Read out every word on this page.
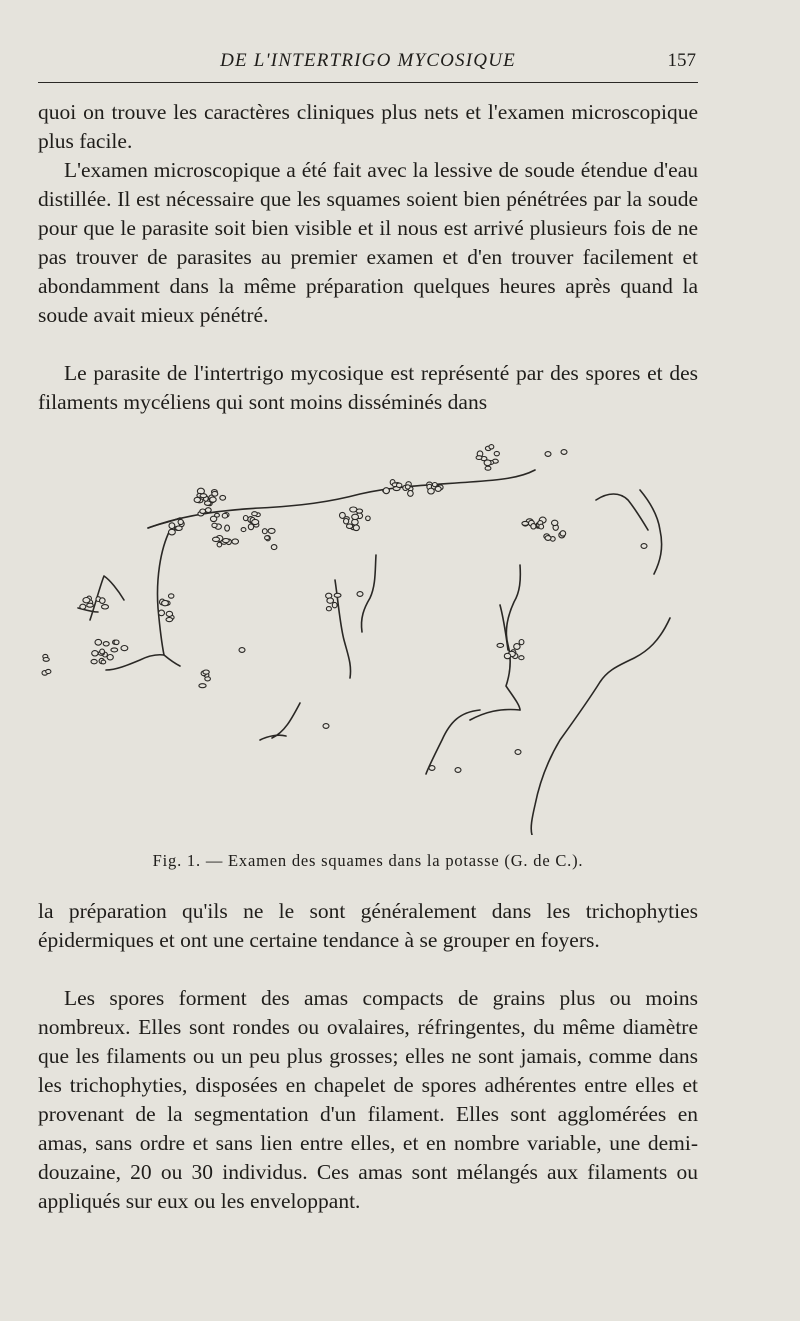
DE L'INTERTRIGO MYCOSIQUE	157

quoi on trouve les caractères cliniques plus nets et l'examen microscopique plus facile.

L'examen microscopique a été fait avec la lessive de soude étendue d'eau distillée. Il est nécessaire que les squames soient bien pénétrées par la soude pour que le parasite soit bien visible et il nous est arrivé plusieurs fois de ne pas trouver de parasites au premier examen et d'en trouver facilement et abondamment dans la même préparation quelques heures après quand la soude avait mieux pénétré.

Le parasite de l'intertrigo mycosique est représenté par des spores et des filaments mycéliens qui sont moins disséminés dans

Fig. 1. — Examen des squames dans la potasse (G. de C.).

la préparation qu'ils ne le sont généralement dans les trichophyties épidermiques et ont une certaine tendance à se grouper en foyers.

Les spores forment des amas compacts de grains plus ou moins nombreux. Elles sont rondes ou ovalaires, réfringentes, du même diamètre que les filaments ou un peu plus grosses; elles ne sont jamais, comme dans les trichophyties, disposées en chapelet de spores adhérentes entre elles et provenant de la segmentation d'un filament. Elles sont agglomérées en amas, sans ordre et sans lien entre elles, et en nombre variable, une demi-douzaine, 20 ou 30 individus. Ces amas sont mélangés aux filaments ou appliqués sur eux ou les enveloppant.
